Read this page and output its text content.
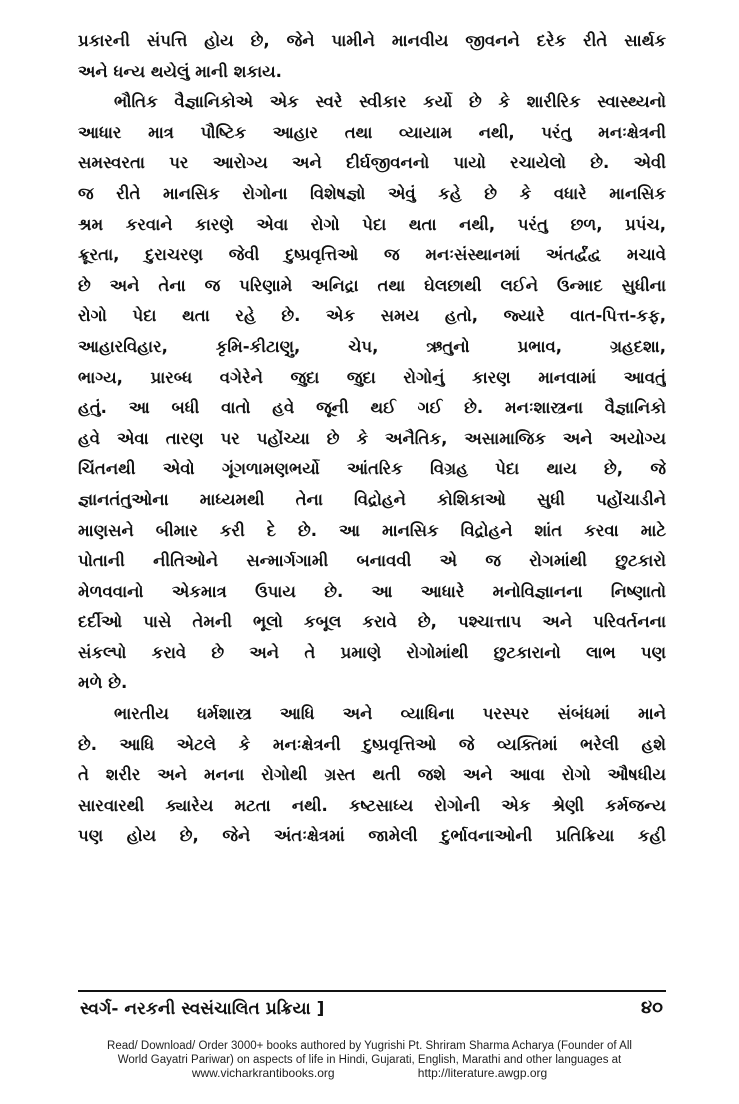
પ્રકારની સંપત્તિ હોય છે, જેને પામીને માનવીય જીવનને દરેક રીતે સાર્થક
અને ધન્ય થયેલું માની શકાય.
ભૌતિક વૈજ્ઞાનિકોએ એક સ્વરે સ્વીકાર કર્યો છે કે શારીરિક સ્વાસ્થ્યનો
આધાર માત્ર પૌષ્ટિક આહાર તથા વ્યાયામ નથી, પરંતુ મનઃક્ષેત્રની
સમસ્વરતા પર આરોગ્ય અને દીર્ઘજીવનનો પાયો રચાયેલો છે. એવી
જ રીતે માનસિક રોગોના વિશેષજ્ઞો એવું કહે છે કે વધારે માનસિક
શ્રમ કરવાને કારણે એવા રોગો પેદા થતા નથી, પરંતુ છળ, પ્રપંચ,
ક્રૂરતા, દુરાચરણ જેવી દુષ્પ્રવૃત્તિઓ જ મનઃસંસ્થાનમાં અંતર્દ્વંદ્વ મચાવે
છે અને તેના જ પરિણામે અનિદ્રા તથા ઘેલછાથી લઈને ઉન્માદ સુધીના
રોગો પેદા થતા રહે છે. એક સમય હતો, જ્યારે વાત-પિત્ત-કફ,
આહારવિહાર, કૃમિ-કીટાણુ, ચેપ, ઋતુનો પ્રભાવ, ગ્રહદશા,
ભાગ્ય, પ્રારબ્ધ વગેરેને જુદા જુદા રોગોનું કારણ માનવામાં આવતું
હતું. આ બધી વાતો હવે જૂની થઈ ગઈ છે. મનઃશાસ્ત્રના વૈજ્ઞાનિકો
હવે એવા તારણ પર પહોંચ્યા છે કે અનૈતિક, અસામાજિક અને અયોગ્ય
ચિંતનથી એવો ગૂંગળામણભર્યો આંતરિક વિગ્રહ પેદા થાય છે, જે
જ્ઞાનતંતુઓના માધ્યમથી તેના વિદ્રોહને કોશિકાઓ સુધી પહોંચાડીને
માણસને બીમાર કરી દે છે. આ માનસિક વિદ્રોહને શાંત કરવા માટે
પોતાની નીતિઓને સન્માર્ગગામી બનાવવી એ જ રોગમાંથી છુટકારો
મેળવવાનો એકમાત્ર ઉપાય છે. આ આધારે મનોવિજ્ઞાનના નિષ્ણાતો
દર્દીઓ પાસે તેમની ભૂલો કબૂલ કરાવે છે, પશ્ચાત્તાપ અને પરિવર્તનના
સંકલ્પો કરાવે છે અને તે પ્રમાણે રોગોમાંથી છુટકારાનો લાભ પણ
મળે છે.
ભારતીય ધર્મશાસ્ત્ર આધિ અને વ્યાધિના પરસ્પર સંબંધમાં માને
છે. આધિ એટલે કે મનઃક્ષેત્રની દુષ્પ્રવૃત્તિઓ જે વ્યક્તિમાં ભરેલી હશે
તે શરીર અને મનના રોગોથી ગ્રસ્ત થતી જશે અને આવા રોગો ઔષધીય
સારવારથી ક્યારેય મટતા નથી. કષ્ટસાધ્ય રોગોની એક શ્રેણી કર્મજન્ય
પણ હોય છે, જેને અંતઃક્ષેત્રમાં જામેલી દુર્ભાવનાઓની પ્રતિક્રિયા કહી
સ્વર્ગ- નરકની સ્વસંચાલિત પ્રક્રિયા ]	૪૦
Read/ Download/ Order 3000+ books authored by Yugrishi Pt. Shriram Sharma Acharya (Founder of All
World Gayatri Pariwar) on aspects of life in Hindi, Gujarati, English, Marathi and other languages at
www.vicharkrantibooks.org	http://literature.awgp.org
